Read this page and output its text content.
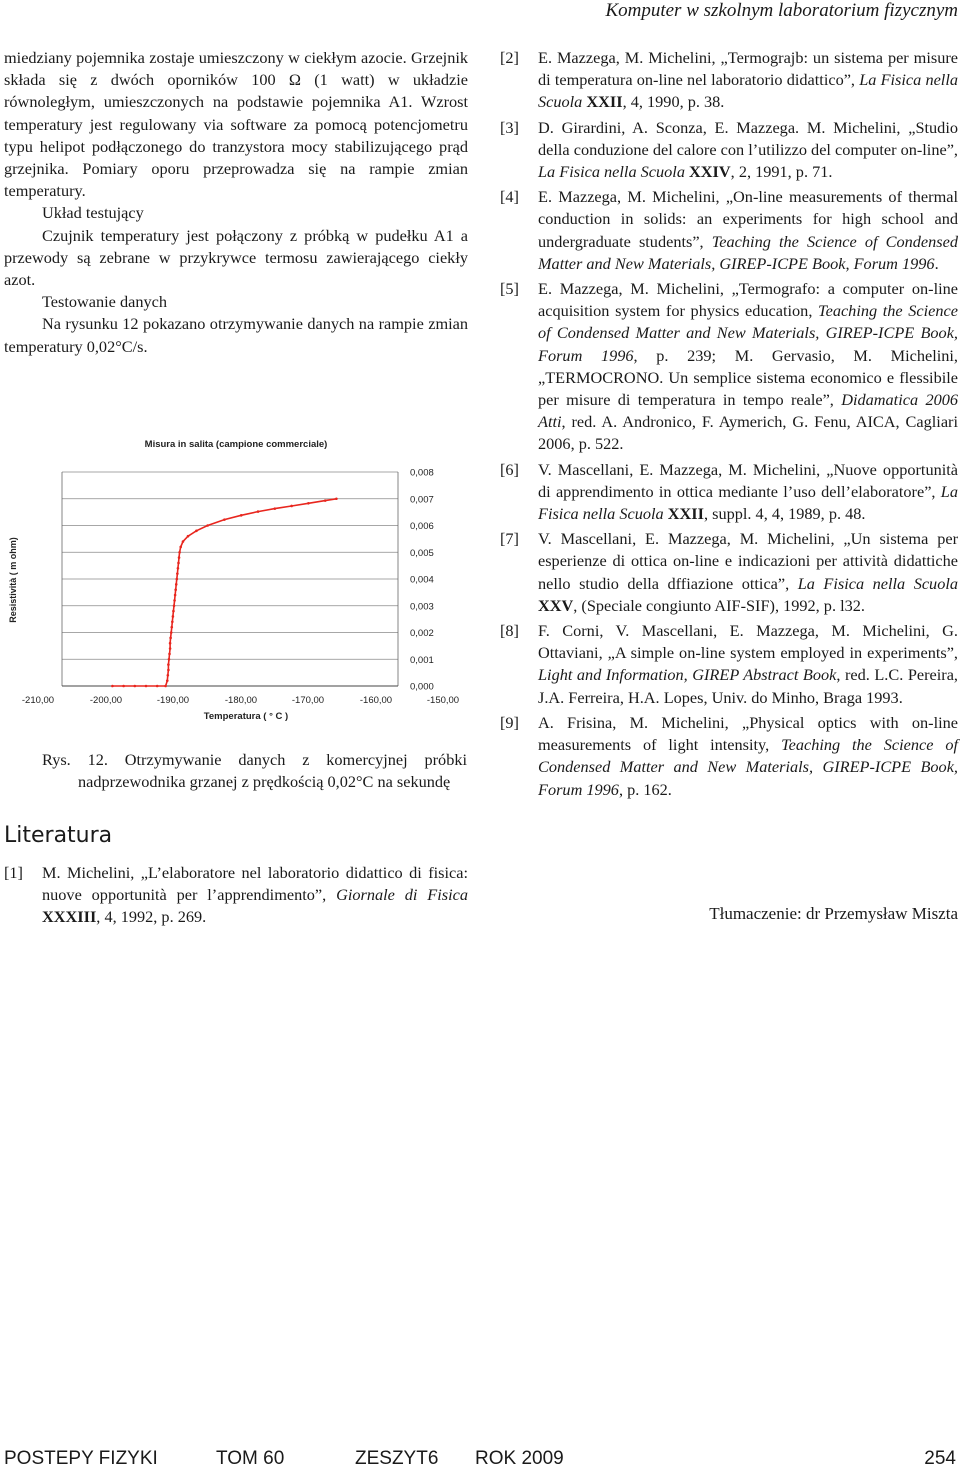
Komputer w szkolnym laboratorium fizycznym

miedziany pojemnika zostaje umieszczony w ciekłym azocie. Grzejnik składa się z dwóch oporników 100 Ω (1 watt) w układzie równoległym, umieszczonych na podstawie pojemnika A1. Wzrost temperatury jest regulowany via software za pomocą potencjometru typu helipot podłączonego do tranzystora mocy stabilizującego prąd grzejnika. Pomiary oporu przeprowadza się na rampie zmian temperatury.

Układ testujący

Czujnik temperatury jest połączony z próbką w pudełku A1 a przewody są zebrane w przykrywce termosu zawierającego ciekły azot.

Testowanie danych

Na rysunku 12 pokazano otrzymywanie danych na rampie zmian temperatury 0,02°C/s.

0,000
0,001
0,002
0,003
0,004
0,005
0,006
0,007
0,008
-210,00	-200,00	-190,00	-180,00	-170,00	-160,00	-150,00
Misura in salita (campione commerciale)
Temperatura ( ° C )
Resistività ( m ohm)
Rys. 12. Otrzymywanie danych z komercyjnej próbki nadprzewodnika grzanej z prędkością 0,02°C na sekundę
Literatura
[1] M. Michelini, „L’elaboratore nel laboratorio didattico di fisica: nuove opportunità per l’apprendimento”, Giornale di Fisica XXXIII, 4, 1992, p. 269.
[2] E. Mazzega, M. Michelini, „Termograjb: un sistema per misure di temperatura on-line nel laboratorio didattico”, La Fisica nella Scuola XXII, 4, 1990, p. 38.
[3] D. Girardini, A. Sconza, E. Mazzega. M. Michelini, „Studio della conduzione del calore con l’utilizzo del computer on-line”, La Fisica nella Scuola XXIV, 2, 1991, p. 71.
[4] E. Mazzega, M. Michelini, „On-line measurements of thermal conduction in solids: an experiments for high school and undergraduate students”, Teaching the Science of Condensed Matter and New Materials, GIREP-ICPE Book, Forum 1996.
[5] E. Mazzega, M. Michelini, „Termografo: a computer on-line acquisition system for physics education, Teaching the Science of Condensed Matter and New Materials, GIREP-ICPE Book, Forum 1996, p. 239; M. Gervasio, M. Michelini, „TERMOCRONO. Un semplice sistema economico e flessibile per misure di temperatura in tempo reale”, Didamatica 2006 Atti, red. A. Andronico, F. Aymerich, G. Fenu, AICA, Cagliari 2006, p. 522.
[6] V. Mascellani, E. Mazzega, M. Michelini, „Nuove opportunità di apprendimento in ottica mediante l’uso dell’elaboratore”, La Fisica nella Scuola XXII, suppl. 4, 4, 1989, p. 48.
[7] V. Mascellani, E. Mazzega, M. Michelini, „Un sistema per esperienze di ottica on-line e indicazioni per attività didattiche nello studio della dffiazione ottica”, La Fisica nella Scuola XXV, (Speciale congiunto AIF-SIF), 1992, p. l32.
[8] F. Corni, V. Mascellani, E. Mazzega, M. Michelini, G. Ottaviani, „A simple on-line system employed in experiments”, Light and Information, GIREP Abstract Book, red. L.C. Pereira, J.A. Ferreira, H.A. Lopes, Univ. do Minho, Braga 1993.
[9] A. Frisina, M. Michelini, „Physical optics with on-line measurements of light intensity, Teaching the Science of Condensed Matter and New Materials, GIREP-ICPE Book, Forum 1996, p. 162.
Tłumaczenie: dr Przemysław Miszta
POSTEPY FIZYKI	TOM 60	ZESZYT6 ROK 2009	254
